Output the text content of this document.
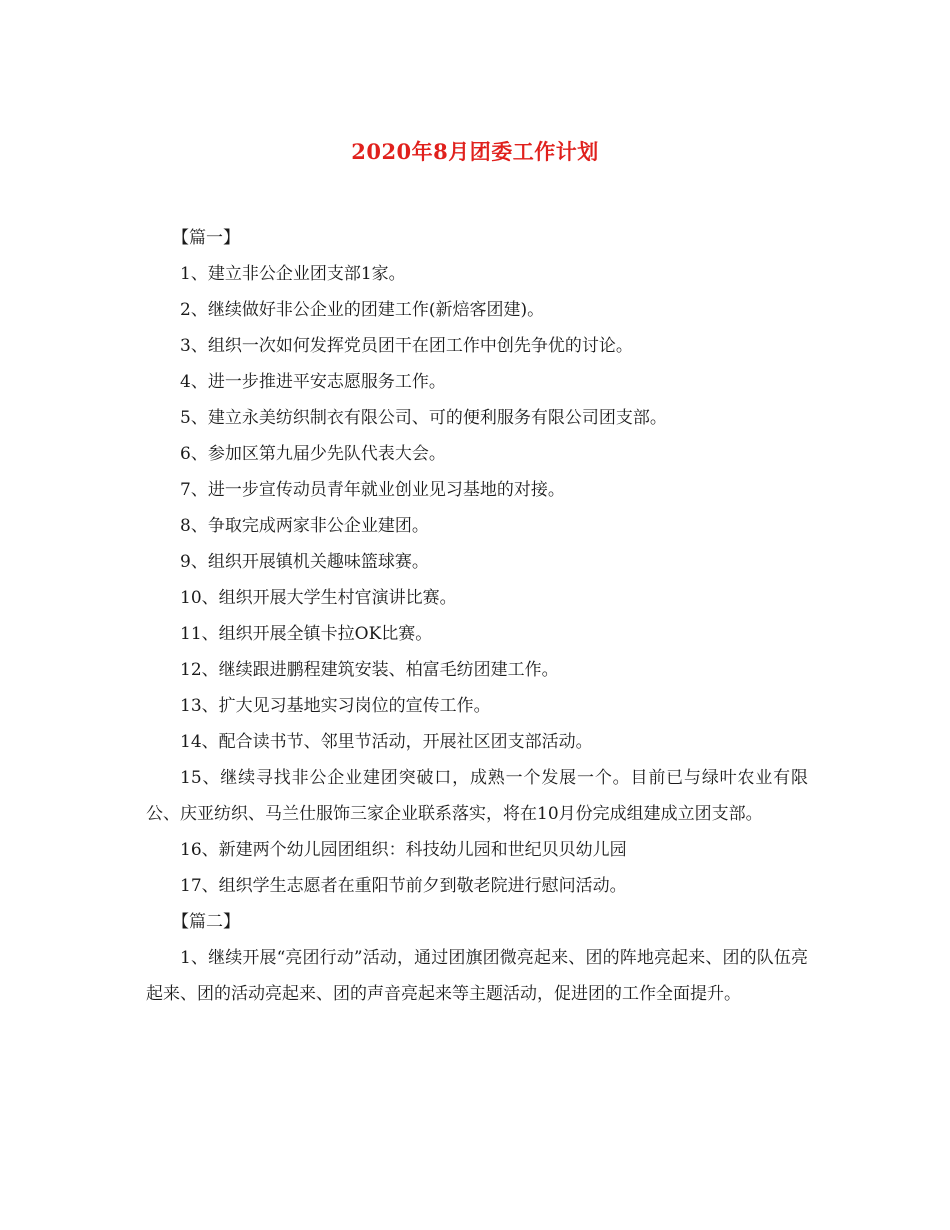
2020年8月团委工作计划

【篇一】

1、建立非公企业团支部1家。

2、继续做好非公企业的团建工作(新焙客团建)。

3、组织一次如何发挥党员团干在团工作中创先争优的讨论。

4、进一步推进平安志愿服务工作。

5、建立永美纺织制衣有限公司、可的便利服务有限公司团支部。

6、参加区第九届少先队代表大会。

7、进一步宣传动员青年就业创业见习基地的对接。

8、争取完成两家非公企业建团。

9、组织开展镇机关趣味篮球赛。

10、组织开展大学生村官演讲比赛。

11、组织开展全镇卡拉OK比赛。

12、继续跟进鹏程建筑安装、柏富毛纺团建工作。

13、扩大见习基地实习岗位的宣传工作。

14、配合读书节、邻里节活动，开展社区团支部活动。

15、继续寻找非公企业建团突破口，成熟一个发展一个。目前已与绿叶农业有限公、庆亚纺织、马兰仕服饰三家企业联系落实，将在10月份完成组建成立团支部。

16、新建两个幼儿园团组织：科技幼儿园和世纪贝贝幼儿园

17、组织学生志愿者在重阳节前夕到敬老院进行慰问活动。

【篇二】

1、继续开展“亮团行动”活动，通过团旗团微亮起来、团的阵地亮起来、团的队伍亮起来、团的活动亮起来、团的声音亮起来等主题活动，促进团的工作全面提升。
